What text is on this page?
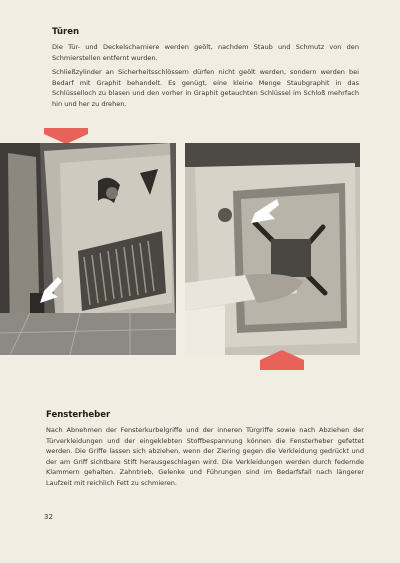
Türen

Die Tür- und Deckelscharniere werden geölt, nachdem Staub und Schmutz von den Schmierstellen entfernt wurden.

Schließzylinder an Sicherheitsschlössern dürfen nicht geölt werden, sondern werden bei Bedarf mit Graphit behandelt. Es genügt, eine kleine Menge Staubgraphit in das Schlüsselloch zu blasen und den vorher in Graphit getauchten Schlüssel im Schloß mehrfach hin und her zu drehen.

Fensterheber

Nach Abnehmen der Fensterkurbelgriffe und der inneren Türgriffe sowie nach Abziehen der Türverkleidungen und der eingeklebten Stoffbespannung können die Fensterheber gefettet werden. Die Griffe lassen sich abziehen, wenn der Ziering gegen die Verkleidung gedrückt und der am Griff sichtbare Stift herausgeschlagen wird. Die Verkleidungen werden durch federnde Klammern gehalten. Zahntrieb, Gelenke und Führungen sind im Bedarfsfall nach längerer Laufzeit mit reichlich Fett zu schmieren.

32
